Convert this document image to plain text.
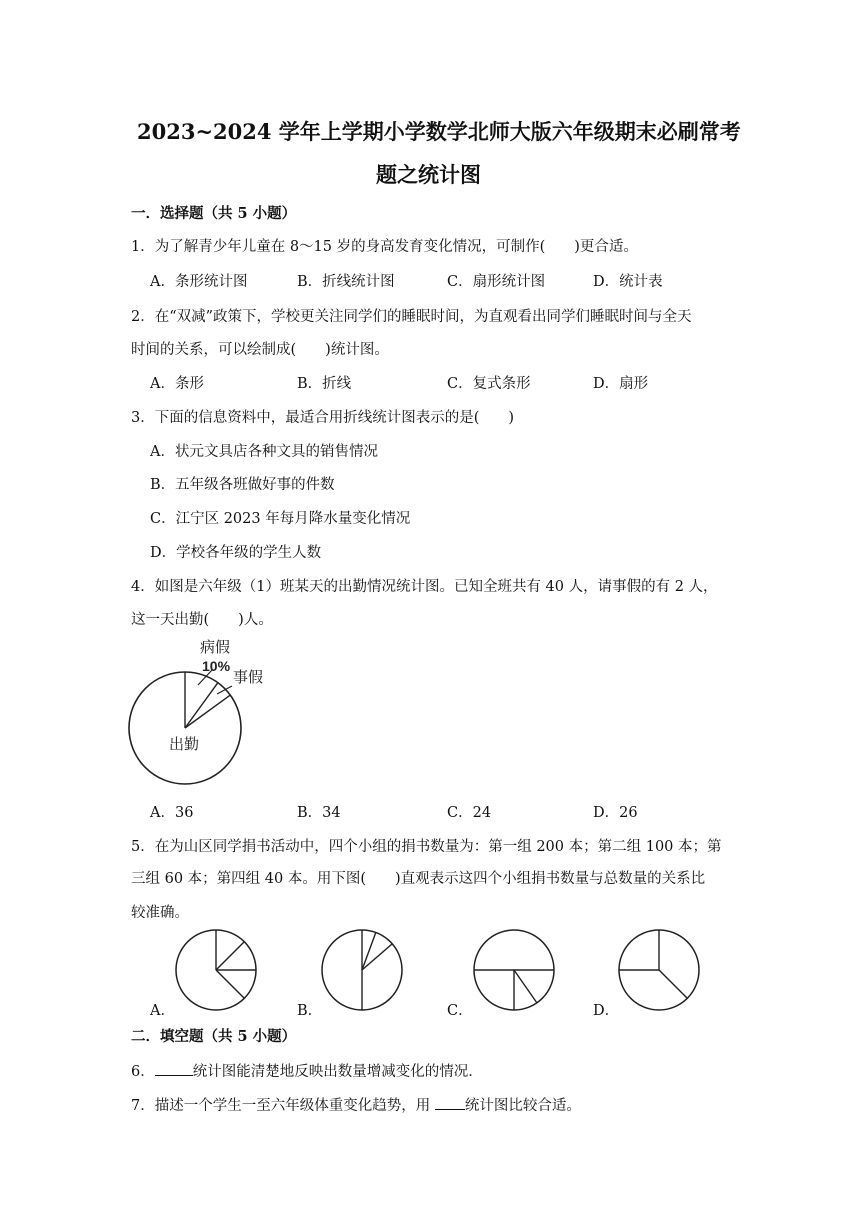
2023~2024 学年上学期小学数学北师大版六年级期末必刷常考
题之统计图
一．选择题（共 5 小题）
1．为了解青少年儿童在 8～15 岁的身高发育变化情况，可制作(　　)更合适。
A．条形统计图	B．折线统计图	C．扇形统计图	D．统计表
2．在“双减”政策下，学校更关注同学们的睡眠时间，为直观看出同学们睡眠时间与全天
时间的关系，可以绘制成(　　)统计图。
A．条形	B．折线	C．复式条形	D．扇形
3．下面的信息资料中，最适合用折线统计图表示的是(　　)
A．状元文具店各种文具的销售情况
B．五年级各班做好事的件数
C．江宁区 2023 年每月降水量变化情况
D．学校各年级的学生人数
4．如图是六年级（1）班某天的出勤情况统计图。已知全班共有 40 人，请事假的有 2 人，
这一天出勤(　　)人。
病假
10%
事假
出勤
A．36	B．34	C．24	D．26
5．在为山区同学捐书活动中，四个小组的捐书数量为：第一组 200 本；第二组 100 本；第
三组 60 本；第四组 40 本。用下图(　　)直观表示这四个小组捐书数量与总数量的关系比
较准确。
A．	B．	C．	D．
二．填空题（共 5 小题）
6．	统计图能清楚地反映出数量增减变化的情况．
7．描述一个学生一至六年级体重变化趋势，用 统计图比较合适。
